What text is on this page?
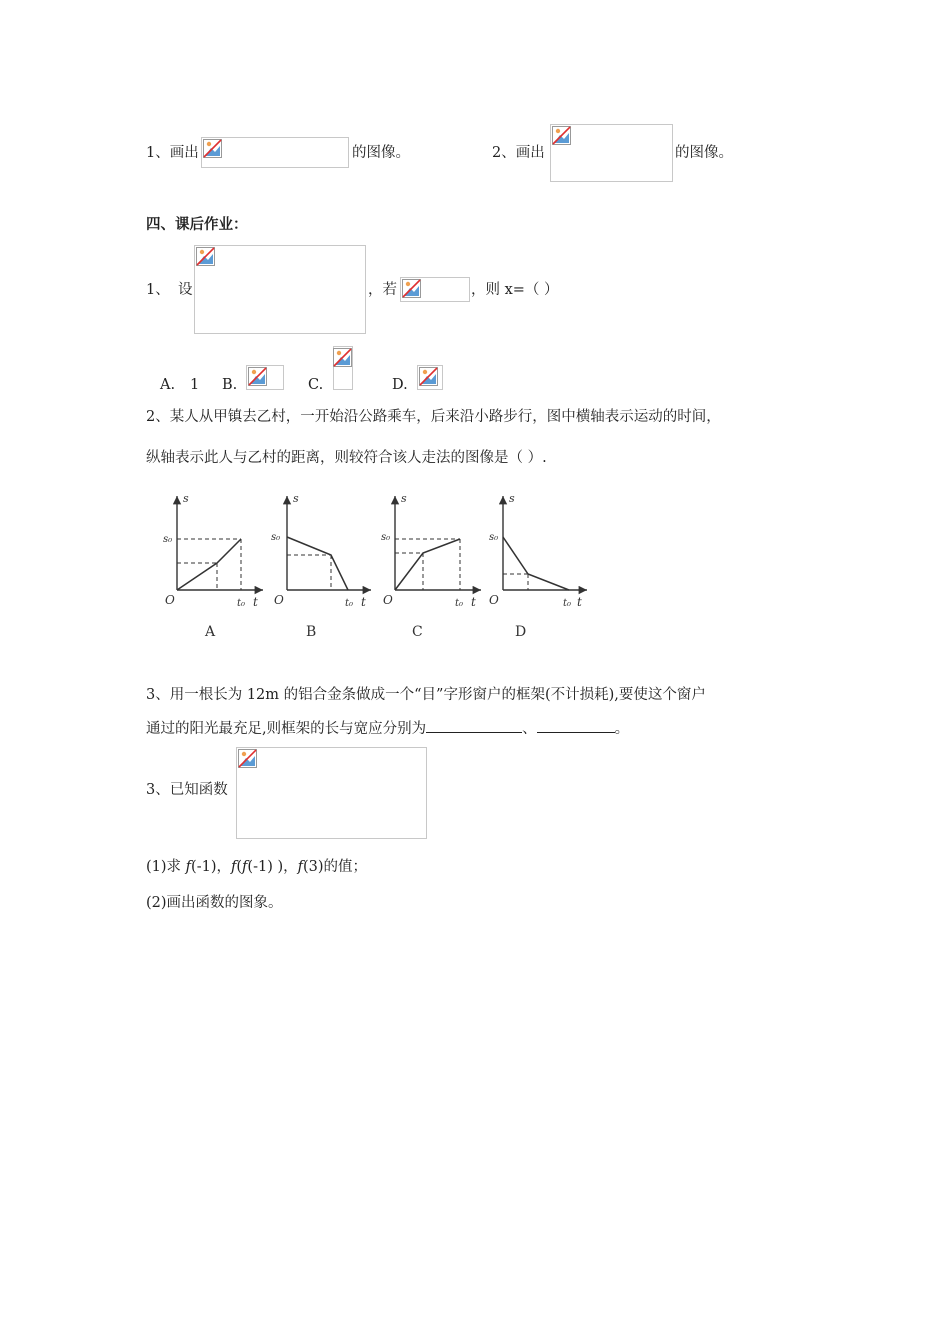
1、画出	的图像。	2、画出	的图像。
四、课后作业：
1、 设	，若	，则 x=（ ）
A. 1 B.	C.	D.
2、某人从甲镇去乙村，一开始沿公路乘车，后来沿小路步行，图中横轴表示运动的时间，
纵轴表示此人与乙村的距离，则较符合该人走法的图像是（ ）.
s
s₀
O	t₀ t
A
s
s₀
O	t₀ t
B
s
s₀
O	t₀ t
C
s
s₀
O	t₀ t
D
3、用一根长为 12m 的铝合金条做成一个“目”字形窗户的框架(不计损耗),要使这个窗户
通过的阳光最充足,则框架的长与宽应分别为	、	。
3、已知函数
(1)求 f(-1)，f(f(-1) )，f(3)的值；
(2)画出函数的图象。
